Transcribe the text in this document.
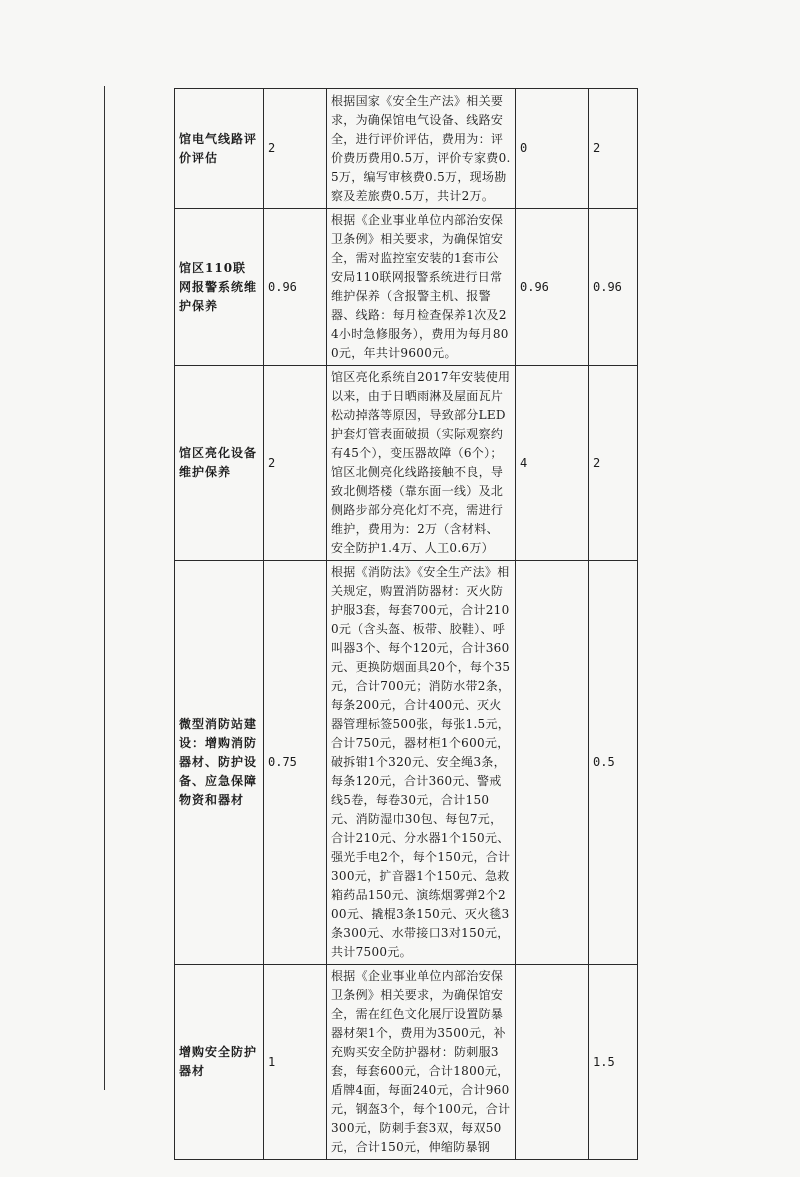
馆电气线路评价评估	2	根据国家《安全生产法》相关要求，为确保馆电气设备、线路安全，进行评价评估，费用为：评价费历费用0.5万，评价专家费0.5万，编写审核费0.5万，现场勘察及差旅费0.5万，共计2万。	0	2
馆区110联网报警系统维护保养	0.96	根据《企业事业单位内部治安保卫条例》相关要求，为确保馆安全，需对监控室安装的1套市公安局110联网报警系统进行日常维护保养（含报警主机、报警器、线路：每月检查保养1次及24小时急修服务），费用为每月800元，年共计9600元。	0.96	0.96
馆区亮化设备维护保养	2	馆区亮化系统自2017年安装使用以来，由于日晒雨淋及屋面瓦片松动掉落等原因，导致部分LED护套灯管表面破损（实际观察约有45个），变压器故障（6个）；馆区北侧亮化线路接触不良，导致北侧塔楼（靠东面一线）及北侧路步部分亮化灯不亮，需进行维护，费用为：2万（含材料、安全防护1.4万、人工0.6万）	4	2
微型消防站建设：增购消防器材、防护设备、应急保障物资和器材	0.75	根据《消防法》《安全生产法》相关规定，购置消防器材：灭火防护服3套，每套700元，合计2100元（含头盔、板带、胶鞋）、呼叫器3个、每个120元，合计360元、更换防烟面具20个，每个35元，合计700元；消防水带2条，每条200元，合计400元、灭火器管理标签500张，每张1.5元，合计750元，器材柜1个600元，破拆钳1个320元、安全绳3条，每条120元，合计360元、警戒线5卷，每卷30元，合计150元、消防湿巾30包、每包7元，合计210元、分水器1个150元、强光手电2个，每个150元，合计300元，扩音器1个150元、急救箱药品150元、演练烟雾弹2个200元、撬棍3条150元、灭火毯3条300元、水带接口3对150元，共计7500元。		0.5
增购安全防护器材	1	根据《企业事业单位内部治安保卫条例》相关要求，为确保馆安全，需在红色文化展厅设置防暴器材架1个，费用为3500元，补充购买安全防护器材：防刺服3套，每套600元，合计1800元，盾牌4面，每面240元，合计960元，钢盔3个，每个100元，合计300元，防刺手套3双，每双50元，合计150元，伸缩防暴钢		1.5
